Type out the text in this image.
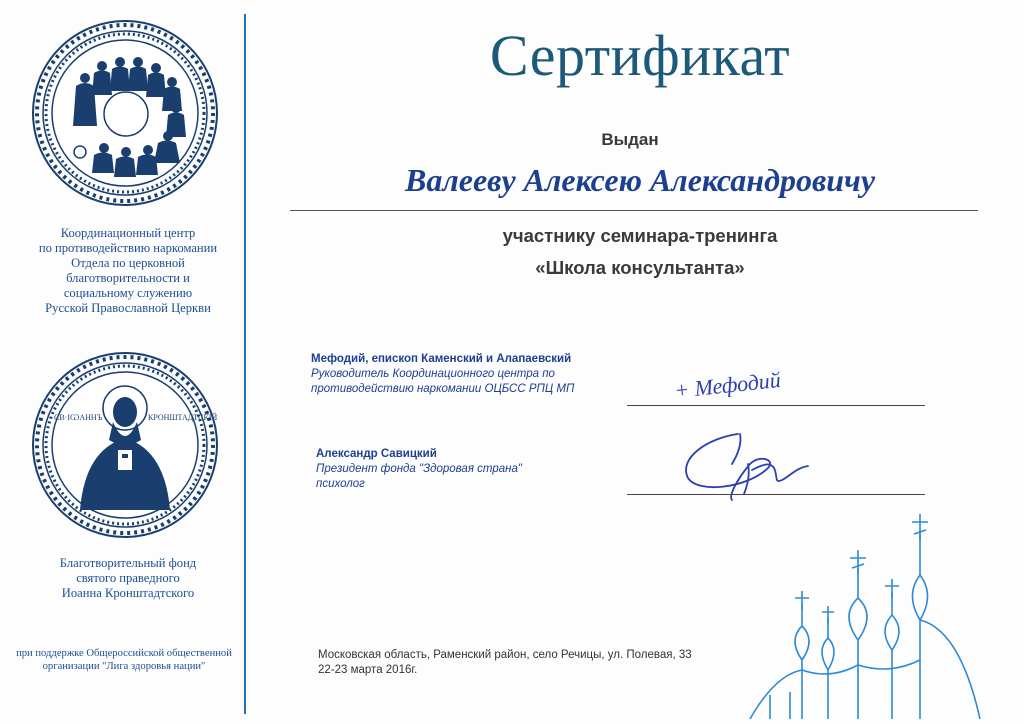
Координационный центр
по противодействию наркомании
Отдела по церковной
благотворительности и
социальному служению
Русской Православной Церкви
СВ·ІѠАННЪ	КРОНШТАДТСКІЙ
Благотворительный фонд
святого праведного
Иоанна Кронштадтского
при поддержке Общероссийской общественной
организации "Лига здоровья нации"
Сертификат
Выдан
Валееву Алексею Александровичу
участнику семинара-тренинга
«Школа консультанта»
Мефодий, епископ Каменский и Алапаевский
Руководитель Координационного центра по
противодействию наркомании ОЦБСС РПЦ МП	+ Мефодий
Александр Савицкий
Президент фонда "Здоровая страна"
психолог
Московская область, Раменский район, село Речицы, ул. Полевая, 33
22-23 марта 2016г.
